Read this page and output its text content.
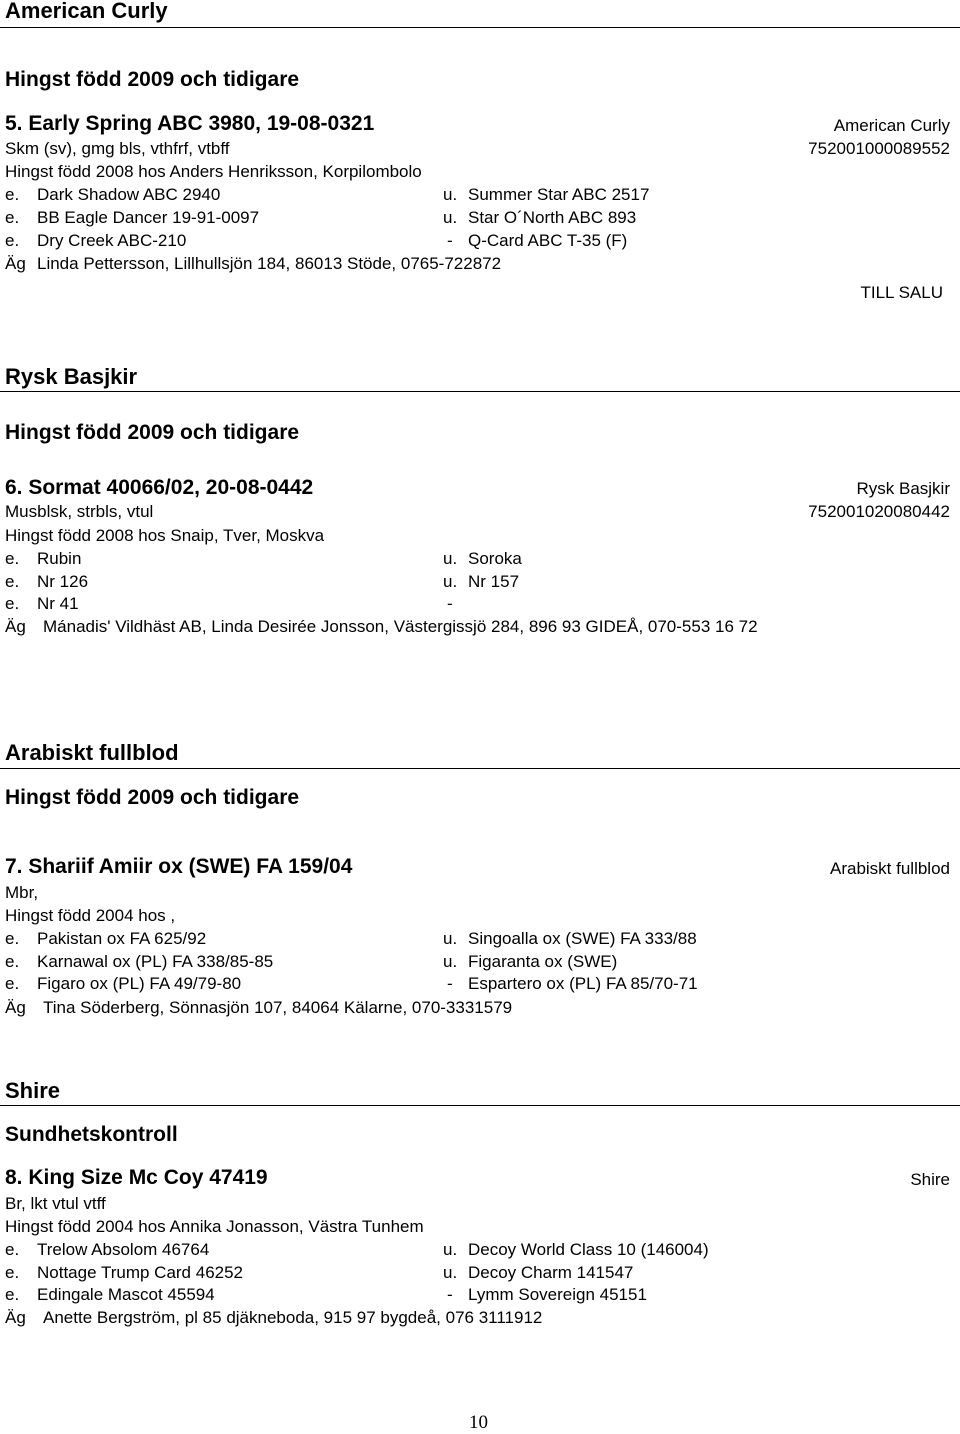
American Curly
Hingst född 2009 och tidigare
5. Early Spring ABC 3980, 19-08-0321	American Curly
Skm (sv), gmg bls, vthfrf, vtbff	752001000089552
Hingst född 2008 hos Anders Henriksson, Korpilombolo
e. Dark Shadow ABC 2940	u. Summer Star ABC 2517
e. BB Eagle Dancer 19-91-0097	u. Star O´North ABC 893
e. Dry Creek ABC-210	- Q-Card ABC T-35 (F)
Äg Linda Pettersson, Lillhullsjön 184, 86013 Stöde, 0765-722872
TILL SALU
Rysk Basjkir
Hingst född 2009 och tidigare
6. Sormat 40066/02, 20-08-0442	Rysk Basjkir
Musblsk, strbls, vtul	752001020080442
Hingst född 2008 hos Snaip, Tver, Moskva
e. Rubin	u. Soroka
e. Nr 126	u. Nr 157
e. Nr 41	-
Äg Mánadis' Vildhäst AB, Linda Desirée Jonsson, Västergissjö 284, 896 93 GIDEÅ, 070-553 16 72
Arabiskt fullblod
Hingst född 2009 och tidigare
7. Shariif Amiir ox (SWE) FA 159/04	Arabiskt fullblod
Mbr,
Hingst född 2004 hos ,
e. Pakistan ox FA 625/92	u. Singoalla ox (SWE) FA 333/88
e. Karnawal ox (PL) FA 338/85-85	u. Figaranta ox (SWE)
e. Figaro ox (PL) FA 49/79-80	- Espartero ox (PL) FA 85/70-71
Äg Tina Söderberg, Sönnasjön 107, 84064 Kälarne, 070-3331579
Shire
Sundhetskontroll
8. King Size Mc Coy 47419	Shire
Br, lkt vtul vtff
Hingst född 2004 hos Annika Jonasson, Västra Tunhem
e. Trelow Absolom 46764	u. Decoy World Class 10 (146004)
e. Nottage Trump Card 46252	u. Decoy Charm 141547
e. Edingale Mascot 45594	- Lymm Sovereign 45151
Äg Anette Bergström, pl 85 djäkneboda, 915 97 bygdeå, 076 3111912
10
